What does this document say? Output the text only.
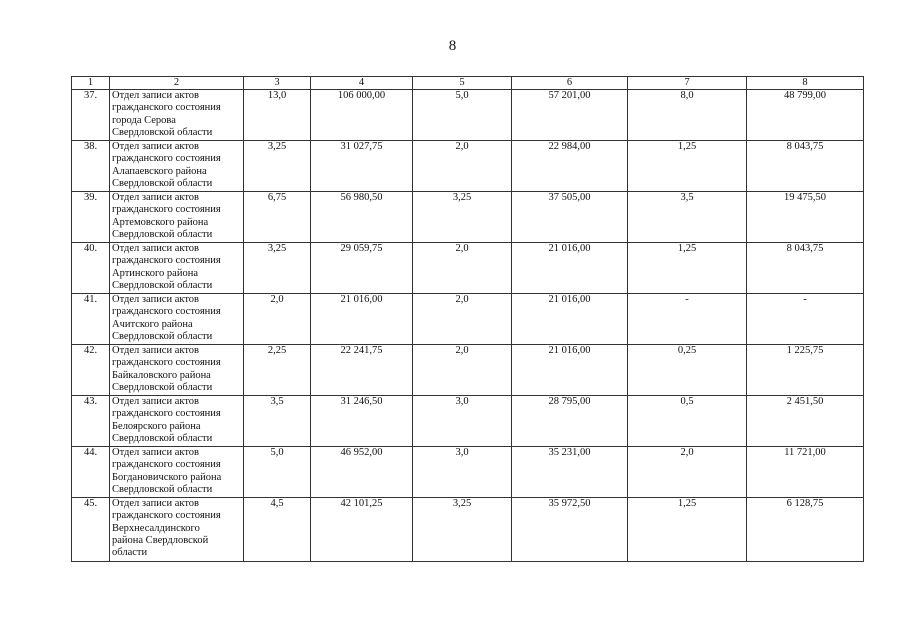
8
1	2	3	4	5	6	7	8
37.	Отдел записи актов
гражданского состояния
города Серова
Свердловской области	13,0	106 000,00	5,0	57 201,00	8,0	48 799,00
38.	Отдел записи актов
гражданского состояния
Алапаевского района
Свердловской области	3,25	31 027,75	2,0	22 984,00	1,25	8 043,75
39.	Отдел записи актов
гражданского состояния
Артемовского района
Свердловской области	6,75	56 980,50	3,25	37 505,00	3,5	19 475,50
40.	Отдел записи актов
гражданского состояния
Артинского района
Свердловской области	3,25	29 059,75	2,0	21 016,00	1,25	8 043,75
41.	Отдел записи актов
гражданского состояния
Ачитского района
Свердловской области	2,0	21 016,00	2,0	21 016,00	-	-
42.	Отдел записи актов
гражданского состояния
Байкаловского района
Свердловской области	2,25	22 241,75	2,0	21 016,00	0,25	1 225,75
43.	Отдел записи актов
гражданского состояния
Белоярского района
Свердловской области	3,5	31 246,50	3,0	28 795,00	0,5	2 451,50
44.	Отдел записи актов
гражданского состояния
Богдановичского района
Свердловской области	5,0	46 952,00	3,0	35 231,00	2,0	11 721,00
45.	Отдел записи актов
гражданского состояния
Верхнесалдинского
района Свердловской
области	4,5	42 101,25	3,25	35 972,50	1,25	6 128,75
